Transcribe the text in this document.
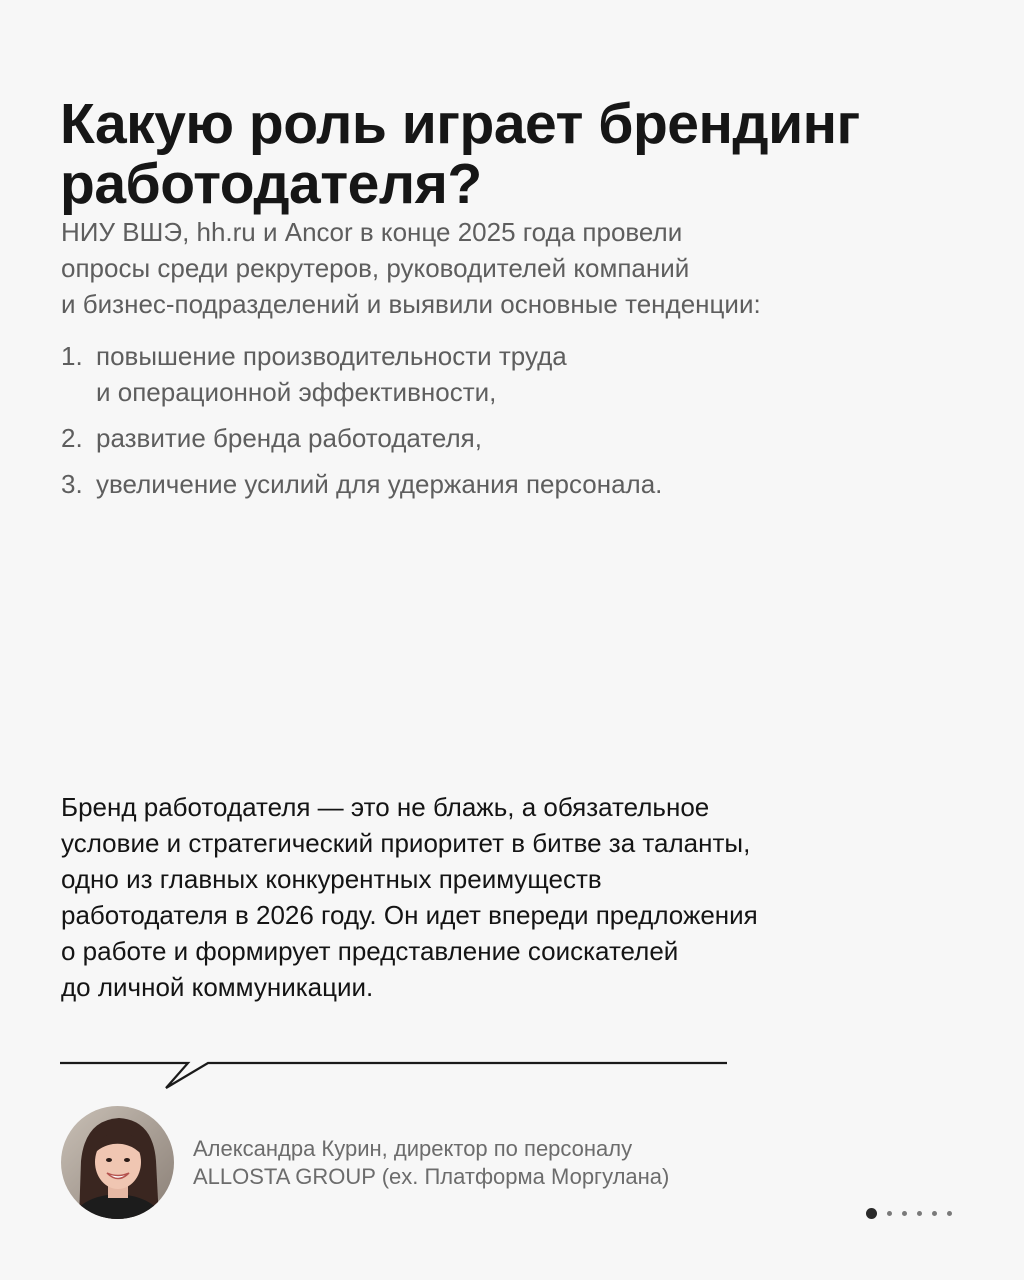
Какую роль играет брендинг
работодателя?
НИУ ВШЭ, hh.ru и Ancor в конце 2025 года провели
опросы среди рекрутеров, руководителей компаний
и бизнес-подразделений и выявили основные тенденции:
1. повышение производительности труда
и операционной эффективности,
2. развитие бренда работодателя,
3. увеличение усилий для удержания персонала.
Бренд работодателя — это не блажь, а обязательное
условие и стратегический приоритет в битве за таланты,
одно из главных конкурентных преимуществ
работодателя в 2026 году. Он идет впереди предложения
о работе и формирует представление соискателей
до личной коммуникации.
Александра Курин, директор по персоналу
ALLOSTA GROUP (ex. Платформа Моргулана)
